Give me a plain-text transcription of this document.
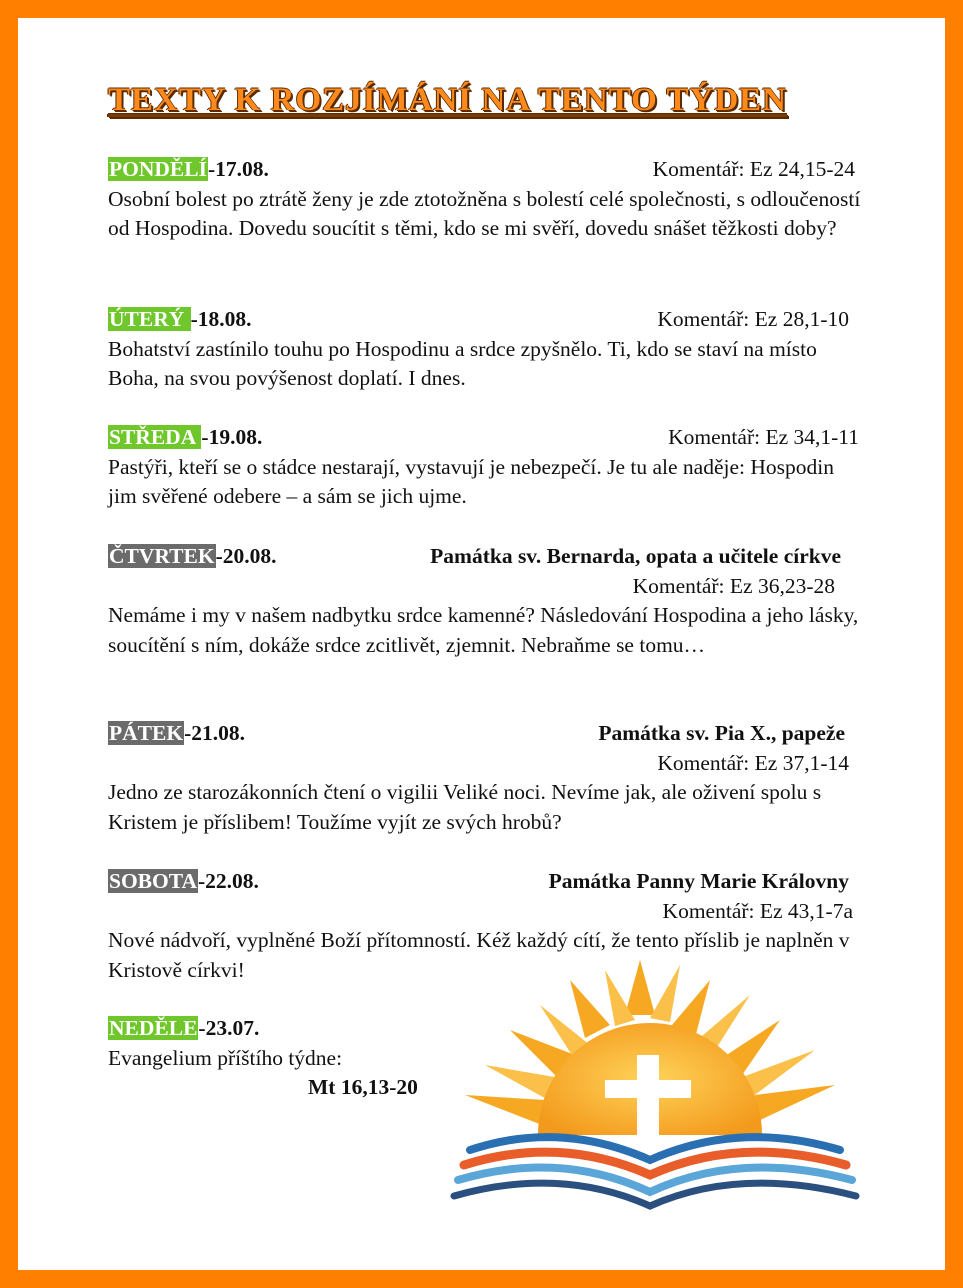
TEXTY K ROZJÍMÁNÍ NA TENTO TÝDEN
PONDĚLÍ-17.08.	Komentář: Ez 24,15-24

Osobní bolest po ztrátě ženy je zde ztotožněna s bolestí celé společnosti, s odloučeností od Hospodina. Dovedu soucítit s těmi, kdo se mi svěří, dovedu snášet těžkosti doby?

ÚTERÝ -18.08.	Komentář: Ez 28,1-10

Bohatství zastínilo touhu po Hospodinu a srdce zpyšnělo. Ti, kdo se staví na místo Boha, na svou povýšenost doplatí. I dnes.

STŘEDA -19.08.	Komentář: Ez 34,1-11

Pastýři, kteří se o stádce nestarají, vystavují je nebezpečí. Je tu ale naděje: Hospodin jim svěřené odebere – a sám se jich ujme.

ČTVRTEK-20.08.	Památka sv. Bernarda, opata a učitele církve
Komentář: Ez 36,23-28

Nemáme i my v našem nadbytku srdce kamenné? Následování Hospodina a jeho lásky, soucítění s ním, dokáže srdce zcitlivět, zjemnit. Nebraňme se tomu…

PÁTEK-21.08.	Památka sv. Pia X., papeže
Komentář: Ez 37,1-14

Jedno ze starozákonních čtení o vigilii Veliké noci. Nevíme jak, ale oživení spolu s Kristem je příslibem! Toužíme vyjít ze svých hrobů?

SOBOTA-22.08.	Památka Panny Marie Královny
Komentář: Ez 43,1-7a

Nové nádvoří, vyplněné Boží přítomností. Kéž každý cítí, že tento příslib je naplněn v Kristově církvi!

NEDĚLE-23.07.

Evangelium příštího týdne:

Mt 16,13-20
